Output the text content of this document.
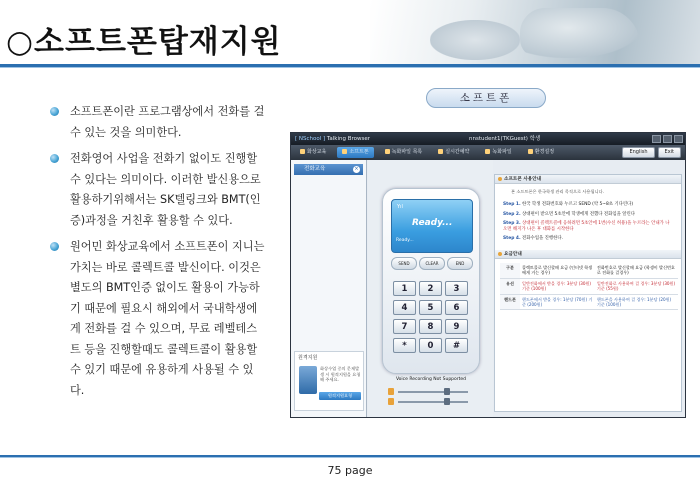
○소프트폰탑재지원
소프트폰이란 프로그램상에서 전화를 걸 수 있는 것을 의미한다.
전화영어 사업을 전화기 없이도 진행할 수 있다는 의미이다. 이러한 발신용으로 활용하기위해서는 SK텔링크와 BMT(인증)과정을 거친후 활용할 수 있다.
원어민 화상교육에서 소프트폰이 지니는 가치는 바로 콜렉트콜 발신이다. 이것은 별도의 BMT인증 없이도 활용이 가능하기 때문에 필요시 해외에서 국내학생에게 전화를 걸 수 있으며, 무료 레벨테스트 등을 진행할때도 콜렉트콜이 활용할 수 있기 때문에 유용하게 사용될 수 있다.
소프트폰
[ NSchool ] Talking Browser	nnstudent1(TKGuest) 학생
화상교육	소프트폰	녹화파일 목록	실시간예약	녹화파일	환경설정	English	Exit
전화교육	×
원격지원
화상수업 중의 문제발생 시 원격지원을 요청해 주세요.
원격지원요청
Yıl
Ready...
Ready...
SEND	CLEAR	END
1	2	3
4	5	6
7	8	9
*	0	#
Voice Recording Not Supported
소프트폰 사용안내
본 소프트폰은 한국학생 관리 목적으로 사용됩니다.
Step 1. 한국 학생 전화번호와 누르고 SEND (약 5~8초 기다린다)
Step 2. 상대편이 받으면 5초안에 학생에게 전했다 전화임을 알린다
Step 3. 상대편이 콜렉트콜에 응하려면 5초안에 1번(수신 허용)을 누르라는 안내가 나오면 해지가 나온 후 대화를 시작한다
Step 4. 전화수업을 진행한다.
요금안내
구분	콜렉트콜로 발신할때 요금 (인터넷 학생에게 거는 경우)	전화번호로 발신할때 요금 (학생이 발신번호로 전화를 걸경우)
유선	일반전화에서 받을 경우: 3분당 (30원) 기준 (100원)	일반전화로 사용하여 걸 경우: 3분당 (30원) 기준 (55원)
핸드폰	핸드폰에서 받을 경우: 1분당 (70원) 기준 (200원)	핸드폰을 사용하여 걸 경우: 1분당 (20원) 기준 (100원)
75 page
